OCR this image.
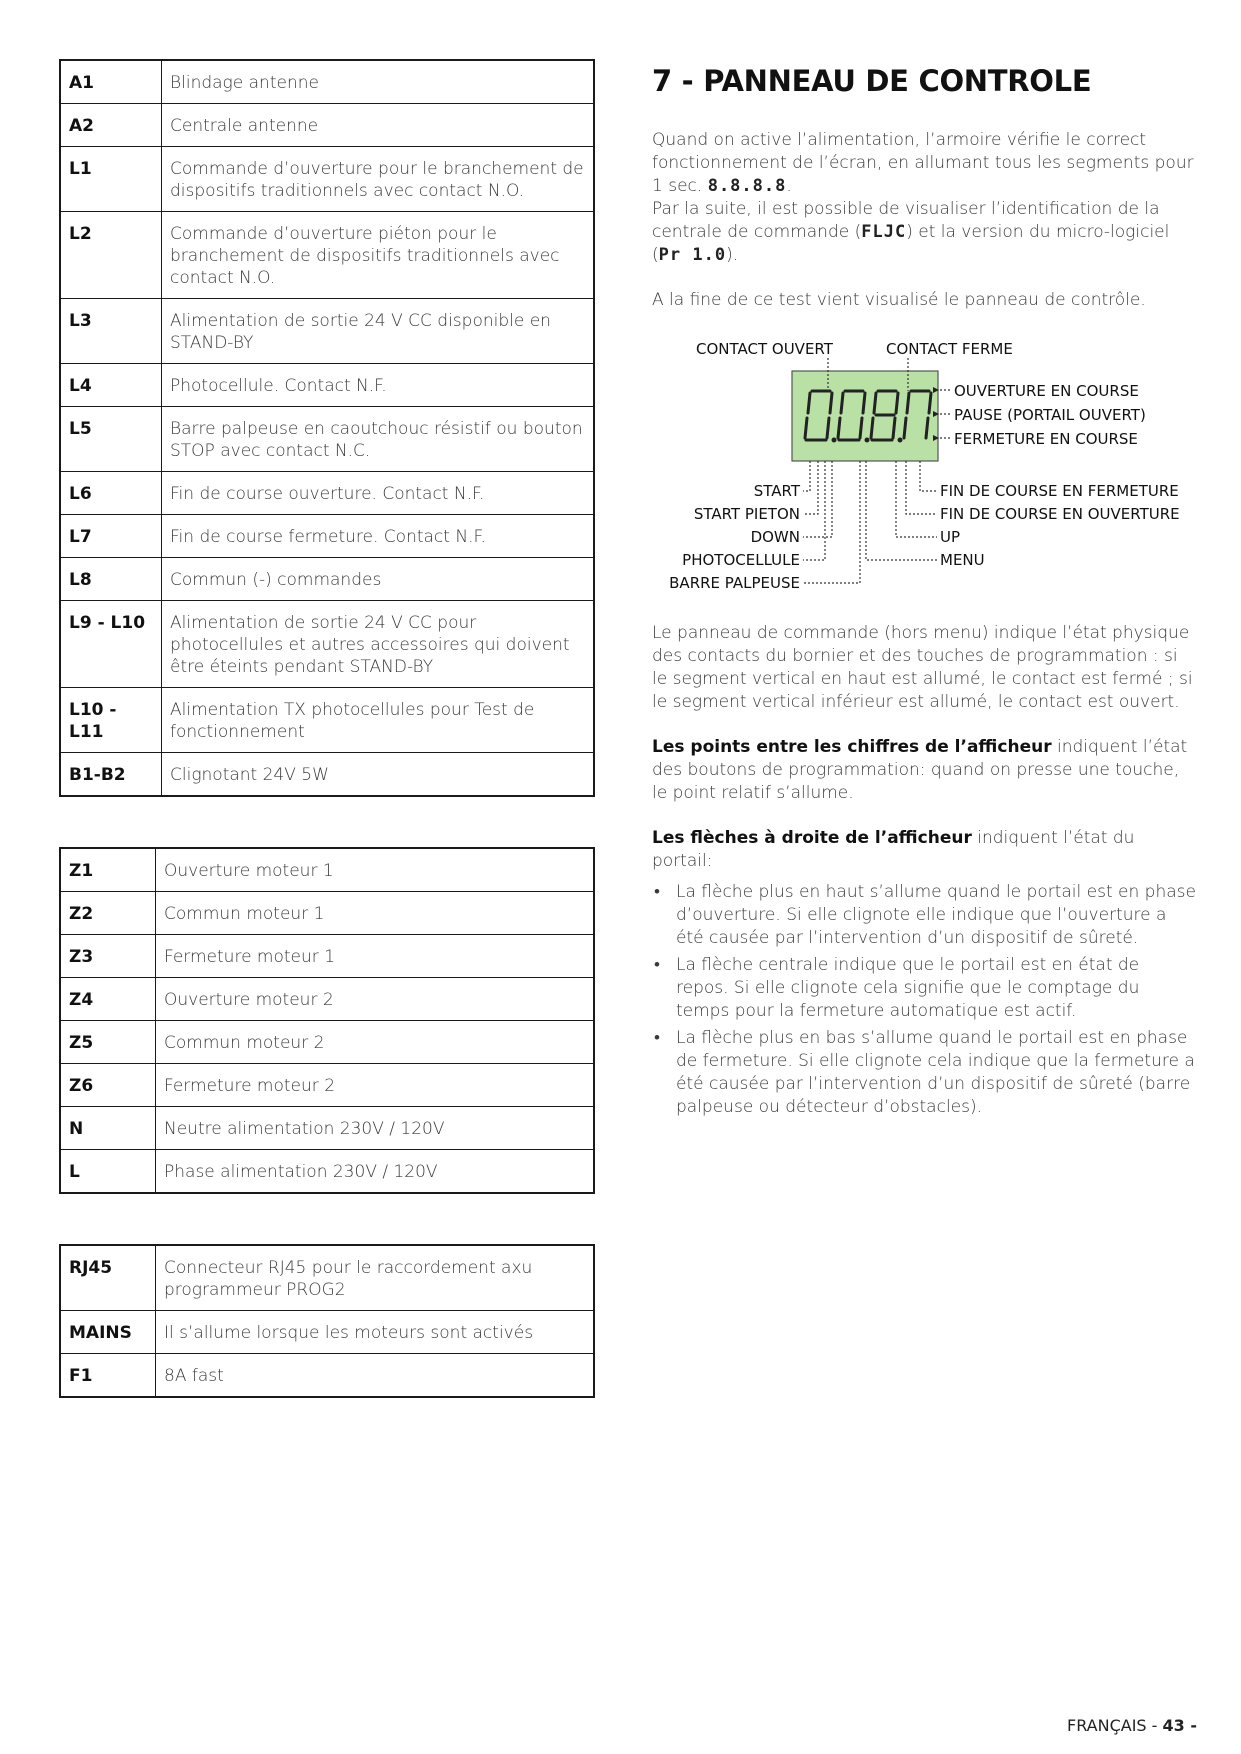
A1	Blindage antenne
A2	Centrale antenne
L1	Commande d’ouverture pour le branchement de dispositifs traditionnels avec contact N.O.
L2	Commande d’ouverture piéton pour le branchement de dispositifs traditionnels avec contact N.O.
L3	Alimentation de sortie 24 V CC disponible en STAND-BY
L4	Photocellule. Contact N.F.
L5	Barre palpeuse en caoutchouc résistif ou bouton STOP avec contact N.C.
L6	Fin de course ouverture. Contact N.F.
L7	Fin de course fermeture. Contact N.F.
L8	Commun (-) commandes
L9 - L10	Alimentation de sortie 24 V CC pour photocellules et autres accessoires qui doivent être éteints pendant STAND-BY
L10 - L11	Alimentation TX photocellules pour Test de fonctionnement
B1-B2	Clignotant 24V 5W
Z1	Ouverture moteur 1
Z2	Commun moteur 1
Z3	Fermeture moteur 1
Z4	Ouverture moteur 2
Z5	Commun moteur 2
Z6	Fermeture moteur 2
N	Neutre alimentation 230V / 120V
L	Phase alimentation 230V / 120V
RJ45	Connecteur RJ45 pour le raccordement axu programmeur PROG2
MAINS	Il s’allume lorsque les moteurs sont activés
F1	8A fast
7 - PANNEAU DE CONTROLE

Quand on active l’alimentation, l’armoire vérifie le correct fonctionnement de l’écran, en allumant tous les segments pour 1 sec. 8.8.8.8.
Par la suite, il est possible de visualiser l’identification de la centrale de commande (FLJC) et la version du micro-logiciel (Pr 1.0).

A la fine de ce test vient visualisé le panneau de contrôle.

CONTACT OUVERT	CONTACT FERME
OUVERTURE EN COURSE
PAUSE (PORTAIL OUVERT)
FERMETURE EN COURSE
START
START PIETON
DOWN
PHOTOCELLULE
BARRE PALPEUSE
FIN DE COURSE EN FERMETURE
FIN DE COURSE EN OUVERTURE
UP
MENU

Le panneau de commande (hors menu) indique l’état physique des contacts du bornier et des touches de programmation : si le segment vertical en haut est allumé, le contact est fermé ; si le segment vertical inférieur est allumé, le contact est ouvert.

Les points entre les chiffres de l’afficheur indiquent l’état des boutons de programmation: quand on presse une touche, le point relatif s’allume.

Les flèches à droite de l’afficheur indiquent l’état du portail:

• La flèche plus en haut s’allume quand le portail est en phase d’ouverture. Si elle clignote elle indique que l’ouverture a été causée par l’intervention d’un dispositif de sûreté.
• La flèche centrale indique que le portail est en état de repos. Si elle clignote cela signifie que le comptage du temps pour la fermeture automatique est actif.
• La flèche plus en bas s’allume quand le portail est en phase de fermeture. Si elle clignote cela indique que la fermeture a été causée par l’intervention d’un dispositif de sûreté (barre palpeuse ou détecteur d’obstacles).
FRANÇAIS - 43 -
